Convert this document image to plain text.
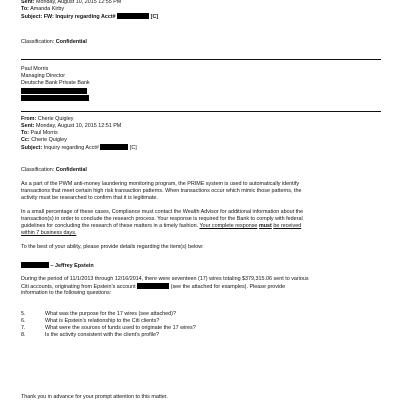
Sent: Monday, August 10, 2015 12:55 PM
To: Amanda Kirby
Subject: FW: Inquiry regarding Acct#	[C]
Classification: Confidential
Paul Morris
Managing Director
Deutsche Bank Private Bank
From: Cherie Quigley
Sent: Monday, August 10, 2015 12:51 PM
To: Paul Morris
Cc: Cherie Quigley
Subject: Inquiry regarding Acct#	[C]
Classification: Confidential
As a part of the PWM anti-money laundering monitoring program, the PRIME system is used to automatically identify
transactions that meet certain high risk transaction patterns. When transactions occur which mimic those patterns, the
activity must be researched to confirm that it is legitimate.
In a small percentage of these cases, Compliance must contact the Wealth Advisor for additional information about the
transaction(s) in order to conclude the research process. Your response is required for the Bank to comply with federal
guidelines for concluding the research of these matters in a timely fashion. Your complete response must be received
within 7 business days.
To the best of your ability, please provide details regarding the item(s) below:
– Jeffrey Epstein
During the period of 11/1/2013 through 12/16/2014, there were seventeen (17) wires totaling $379,315.06 sent to various
Citi accounts, originating from Epstein’s account	(see the attached for examples). Please provide
information to the following questions:
5.	What was the purpose for the 17 wires (see attached)?
6.	What is Epstein’s relationship to the Citi clients?
7.	What were the sources of funds used to originate the 17 wires?
8.	Is the activity consistent with the client’s profile?
Thank you in advance for your prompt attention to this matter.
